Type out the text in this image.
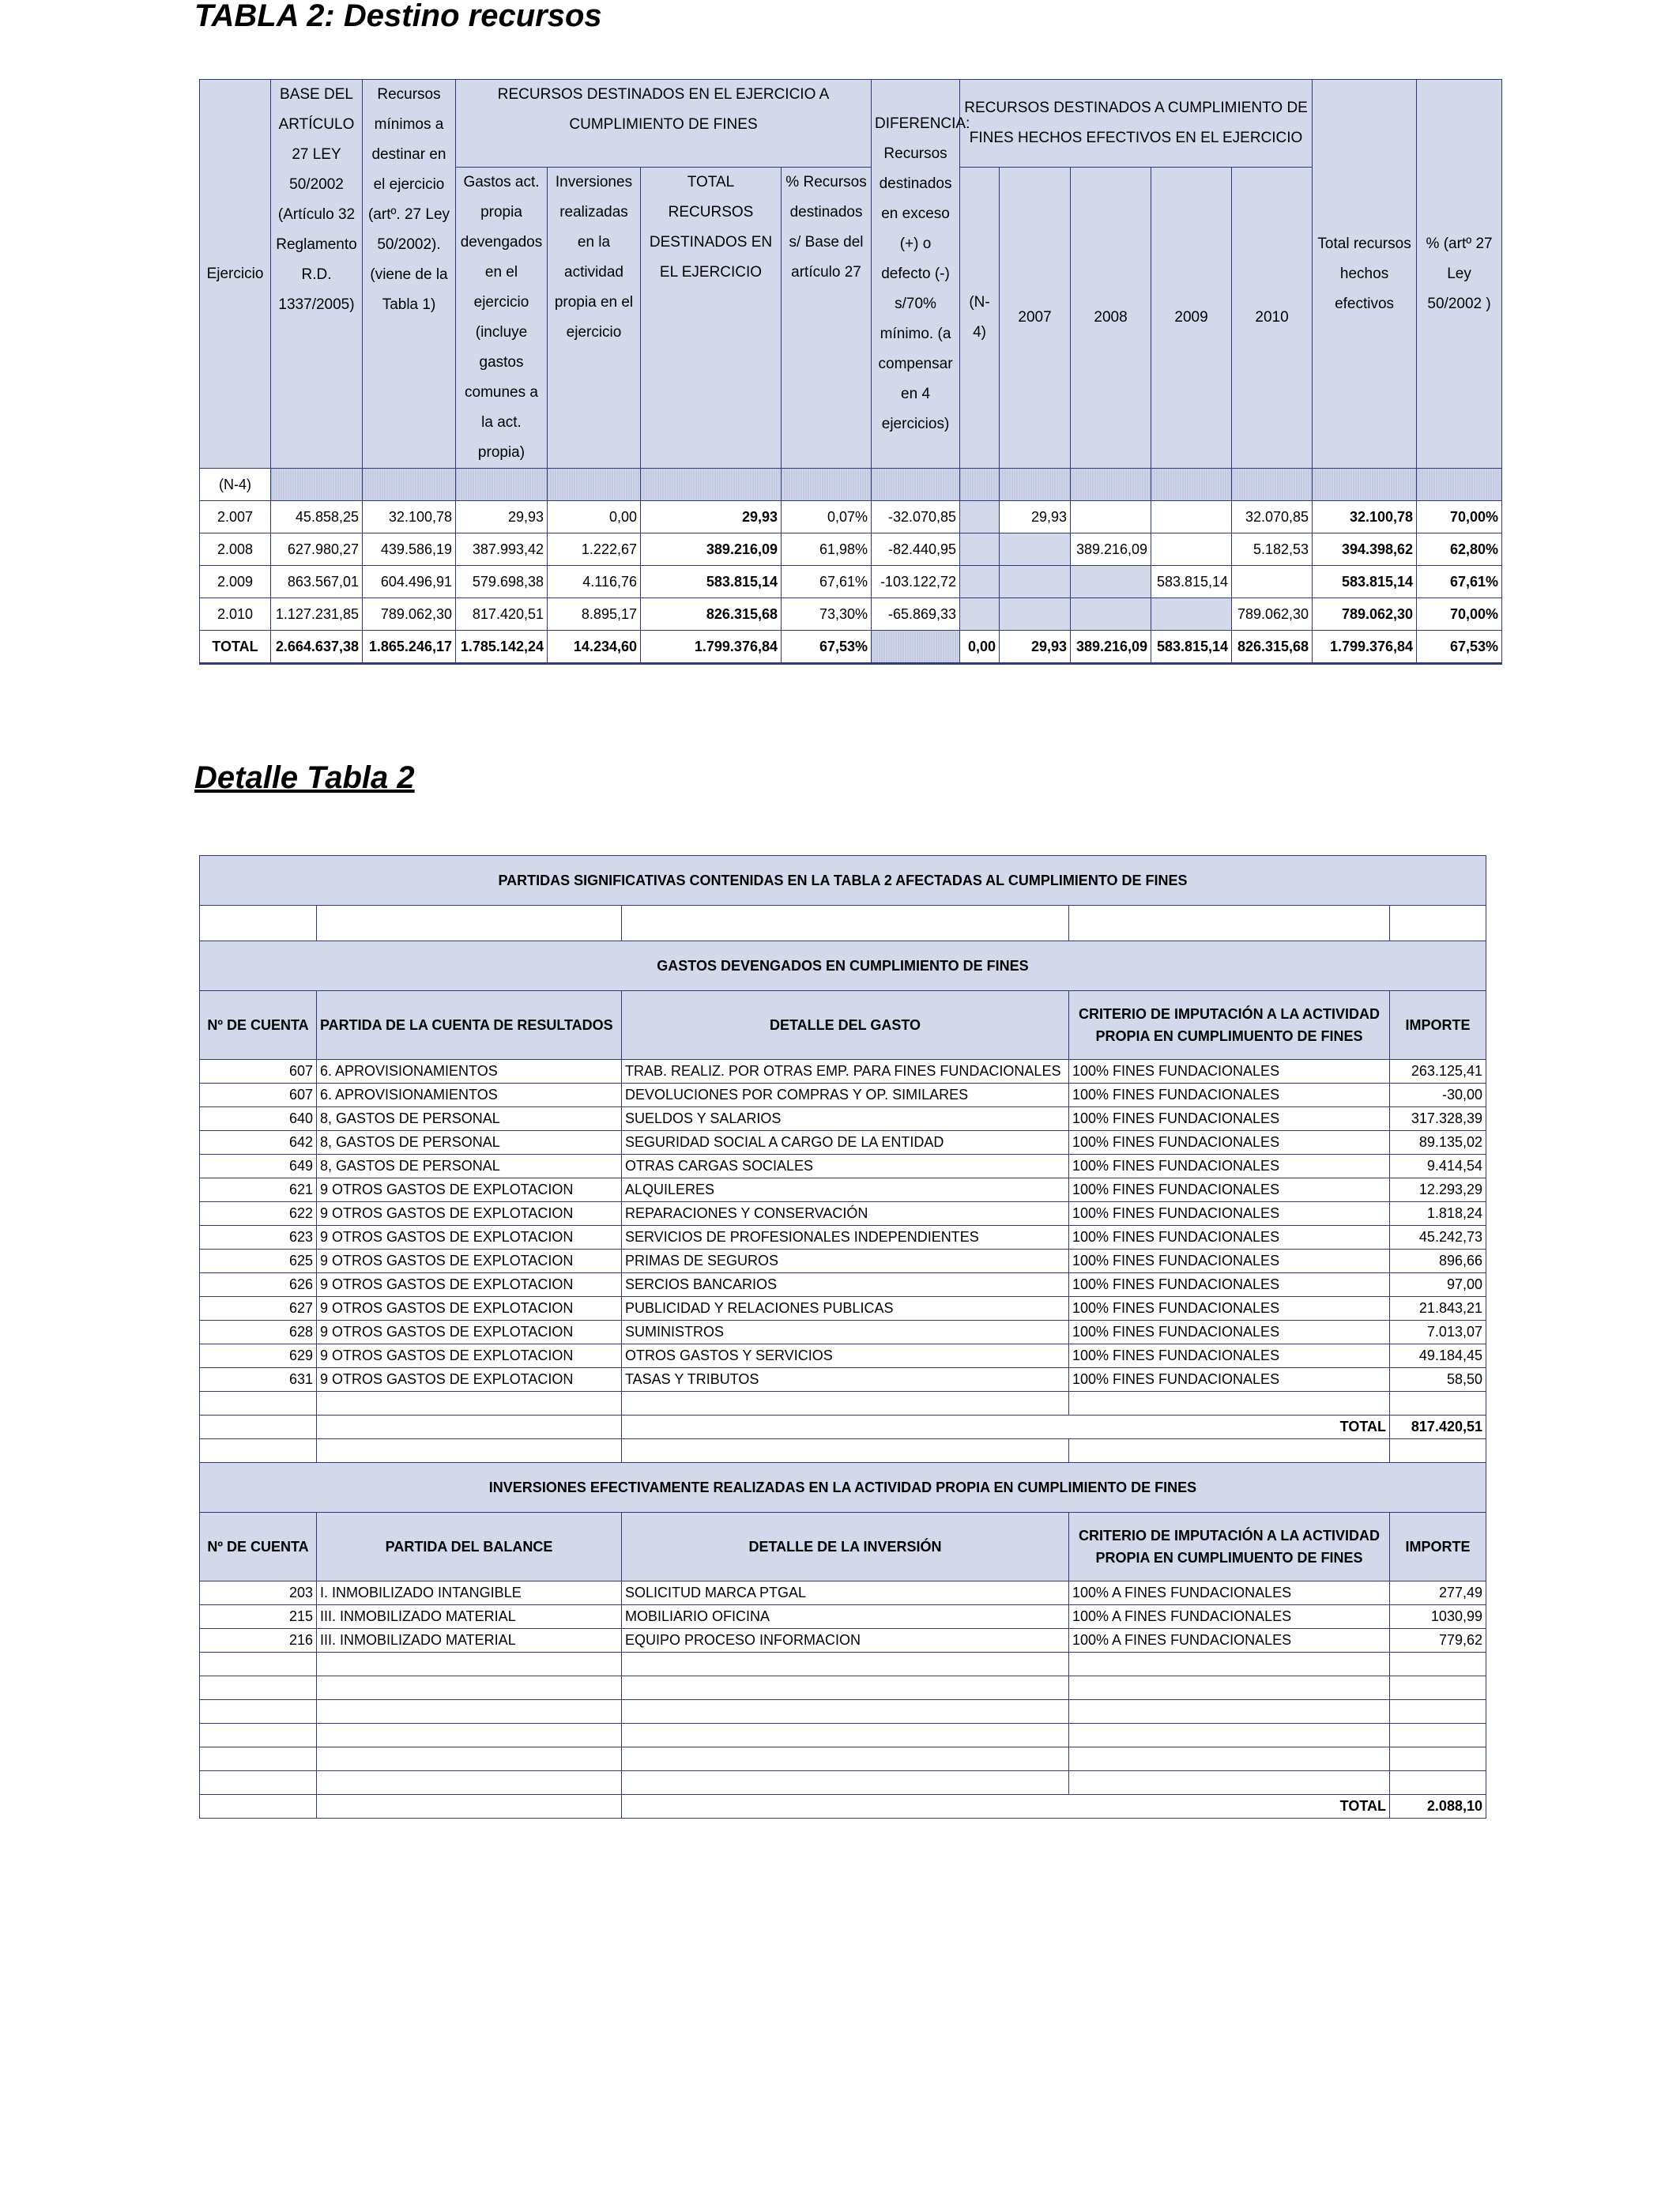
TABLA 2: Destino recursos
Ejercicio	BASE DEL ARTÍCULO 27 LEY 50/2002 (Artículo 32 Reglamento R.D. 1337/2005)	Recursos mínimos a destinar en el ejercicio (artº. 27 Ley 50/2002). (viene de la Tabla 1)	RECURSOS DESTINADOS EN EL EJERCICIO A CUMPLIMIENTO DE FINES				DIFERENCIA: Recursos destinados en exceso (+) o defecto (-) s/70% mínimo. (a compensar en 4 ejercicios)	RECURSOS DESTINADOS A CUMPLIMIENTO DE FINES HECHOS EFECTIVOS EN EL EJERCICIO					Total recursos hechos efectivos	% (artº 27 Ley 50/2002 )
			Gastos act. propia devengados en el ejercicio (incluye gastos comunes a la act. propia)	Inversiones realizadas en la actividad propia en el ejercicio	TOTAL RECURSOS DESTINADOS EN EL EJERCICIO	% Recursos destinados s/ Base del artículo 27		(N-4)	2007	2008	2009	2010		
(N-4)														
2.007	45.858,25	32.100,78	29,93	0,00	29,93	0,07%	-32.070,85		29,93			32.070,85	32.100,78	70,00%
2.008	627.980,27	439.586,19	387.993,42	1.222,67	389.216,09	61,98%	-82.440,95			389.216,09		5.182,53	394.398,62	62,80%
2.009	863.567,01	604.496,91	579.698,38	4.116,76	583.815,14	67,61%	-103.122,72				583.815,14		583.815,14	67,61%
2.010	1.127.231,85	789.062,30	817.420,51	8.895,17	826.315,68	73,30%	-65.869,33					789.062,30	789.062,30	70,00%
TOTAL	2.664.637,38	1.865.246,17	1.785.142,24	14.234,60	1.799.376,84	67,53%		0,00	29,93	389.216,09	583.815,14	826.315,68	1.799.376,84	67,53%
Detalle Tabla 2
PARTIDAS SIGNIFICATIVAS CONTENIDAS EN LA TABLA 2 AFECTADAS AL CUMPLIMIENTO DE FINES				

GASTOS DEVENGADOS EN CUMPLIMIENTO DE FINES				
Nº DE CUENTA	PARTIDA DE LA CUENTA DE RESULTADOS	DETALLE DEL GASTO	CRITERIO DE IMPUTACIÓN A LA ACTIVIDAD PROPIA EN CUMPLIMUENTO DE FINES	IMPORTE
607	6. APROVISIONAMIENTOS	TRAB. REALIZ. POR OTRAS EMP. PARA FINES FUNDACIONALES	100% FINES FUNDACIONALES	263.125,41
607	6. APROVISIONAMIENTOS	DEVOLUCIONES POR COMPRAS Y OP. SIMILARES	100% FINES FUNDACIONALES	-30,00
640	8, GASTOS DE PERSONAL	SUELDOS Y SALARIOS	100% FINES FUNDACIONALES	317.328,39
642	8, GASTOS DE PERSONAL	SEGURIDAD SOCIAL A CARGO DE LA ENTIDAD	100% FINES FUNDACIONALES	89.135,02
649	8, GASTOS DE PERSONAL	OTRAS CARGAS SOCIALES	100% FINES FUNDACIONALES	9.414,54
621	9 OTROS GASTOS DE EXPLOTACION	ALQUILERES	100% FINES FUNDACIONALES	12.293,29
622	9 OTROS GASTOS DE EXPLOTACION	REPARACIONES Y CONSERVACIÓN	100% FINES FUNDACIONALES	1.818,24
623	9 OTROS GASTOS DE EXPLOTACION	SERVICIOS DE PROFESIONALES INDEPENDIENTES	100% FINES FUNDACIONALES	45.242,73
625	9 OTROS GASTOS DE EXPLOTACION	PRIMAS DE SEGUROS	100% FINES FUNDACIONALES	896,66
626	9 OTROS GASTOS DE EXPLOTACION	SERCIOS BANCARIOS	100% FINES FUNDACIONALES	97,00
627	9 OTROS GASTOS DE EXPLOTACION	PUBLICIDAD Y RELACIONES PUBLICAS	100% FINES FUNDACIONALES	21.843,21
628	9 OTROS GASTOS DE EXPLOTACION	SUMINISTROS	100% FINES FUNDACIONALES	7.013,07
629	9 OTROS GASTOS DE EXPLOTACION	OTROS GASTOS Y SERVICIOS	100% FINES FUNDACIONALES	49.184,45
631	9 OTROS GASTOS DE EXPLOTACION	TASAS Y TRIBUTOS	100% FINES FUNDACIONALES	58,50

		TOTAL		817.420,51

INVERSIONES EFECTIVAMENTE REALIZADAS EN LA ACTIVIDAD PROPIA EN CUMPLIMIENTO DE FINES				
Nº DE CUENTA	PARTIDA DEL BALANCE	DETALLE DE LA INVERSIÓN	CRITERIO DE IMPUTACIÓN A LA ACTIVIDAD PROPIA EN CUMPLIMUENTO DE FINES	IMPORTE
203	I. INMOBILIZADO INTANGIBLE	SOLICITUD MARCA PTGAL	100% A FINES FUNDACIONALES	277,49
215	III. INMOBILIZADO MATERIAL	MOBILIARIO OFICINA	100% A FINES FUNDACIONALES	1030,99
216	III. INMOBILIZADO MATERIAL	EQUIPO PROCESO INFORMACION	100% A FINES FUNDACIONALES	779,62

		TOTAL		2.088,10
